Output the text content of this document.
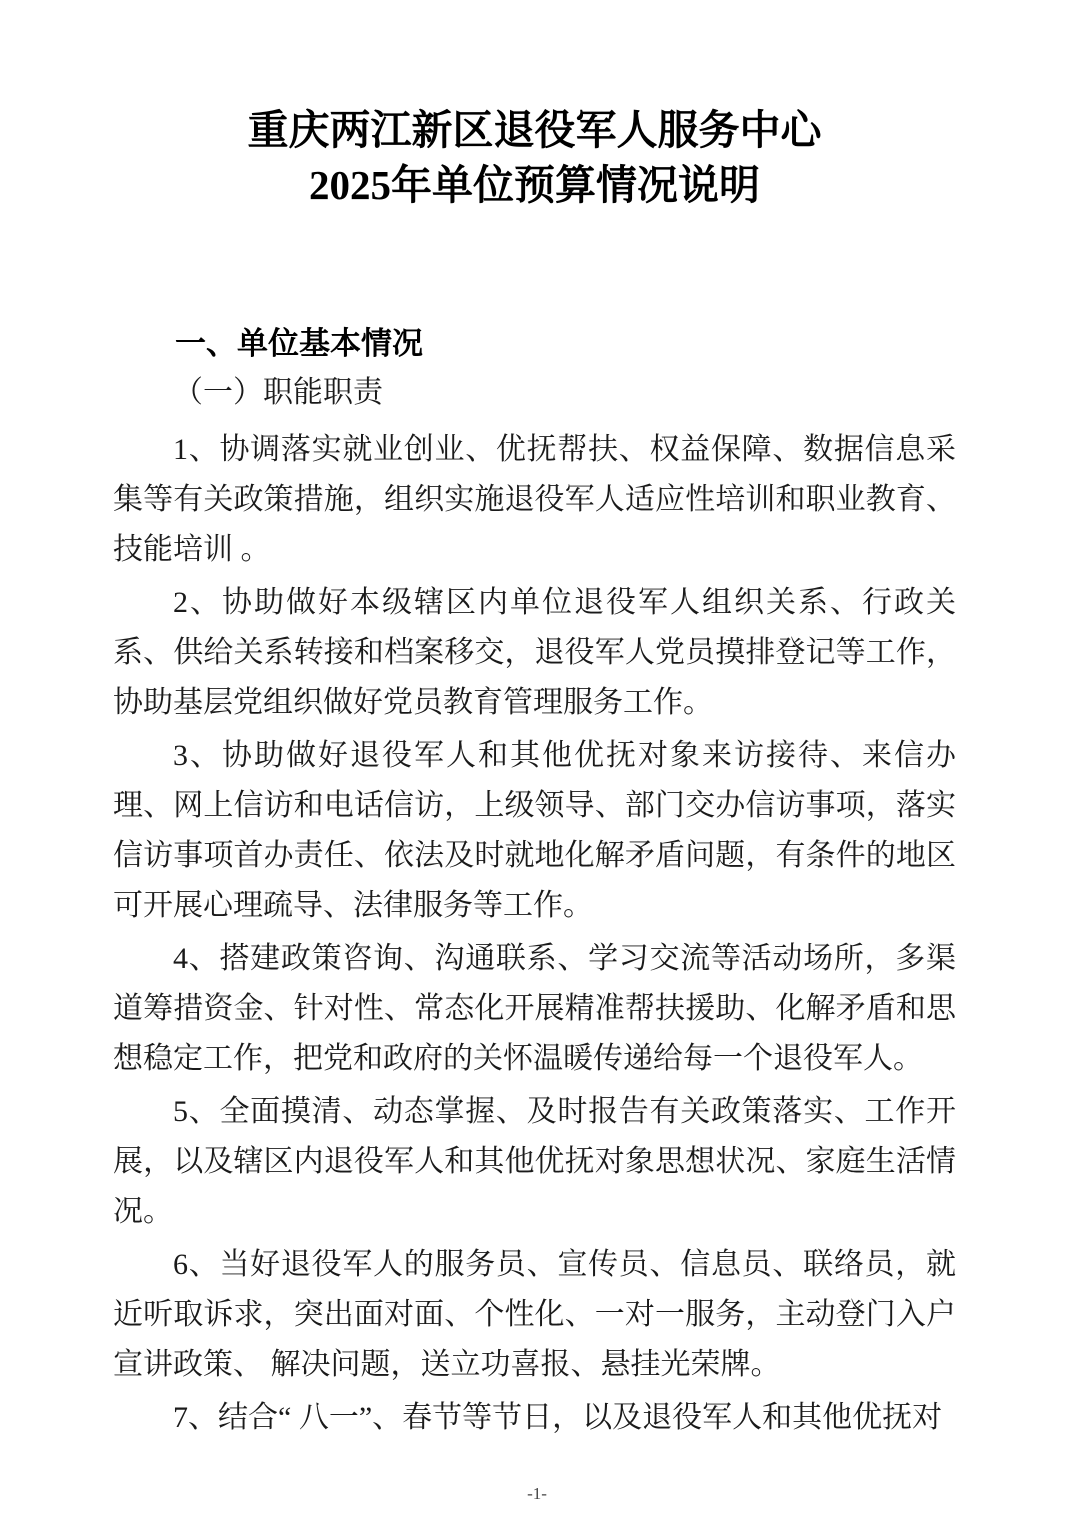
重庆两江新区退役军人服务中心
2025年单位预算情况说明
一、单位基本情况
（一）职能职责

1、协调落实就业创业、优抚帮扶、权益保障、数据信息采集等有关政策措施，组织实施退役军人适应性培训和职业教育、技能培训 。

2、协助做好本级辖区内单位退役军人组织关系、行政关系、供给关系转接和档案移交，退役军人党员摸排登记等工作，协助基层党组织做好党员教育管理服务工作。

3、协助做好退役军人和其他优抚对象来访接待、来信办理、网上信访和电话信访，上级领导、部门交办信访事项，落实信访事项首办责任、依法及时就地化解矛盾问题，有条件的地区可开展心理疏导、法律服务等工作。

4、搭建政策咨询、沟通联系、学习交流等活动场所，多渠道筹措资金、针对性、常态化开展精准帮扶援助、化解矛盾和思想稳定工作，把党和政府的关怀温暖传递给每一个退役军人。

5、全面摸清、动态掌握、及时报告有关政策落实、工作开展，以及辖区内退役军人和其他优抚对象思想状况、家庭生活情况。

6、当好退役军人的服务员、宣传员、信息员、联络员，就近听取诉求，突出面对面、个性化、一对一服务，主动登门入户宣讲政策、 解决问题，送立功喜报、悬挂光荣牌。

7、结合“ 八一”、春节等节日，以及退役军人和其他优抚对

-1-
